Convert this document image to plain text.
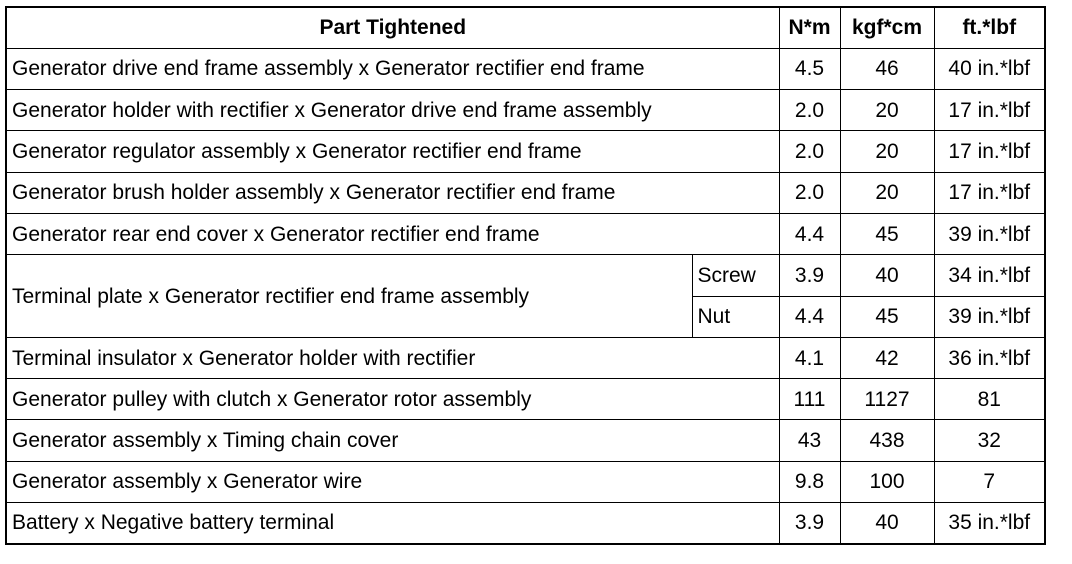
Part Tightened		N*m	kgf*cm	ft.*lbf
Generator drive end frame assembly x Generator rectifier end frame		4.5	46	40 in.*lbf
Generator holder with rectifier x Generator drive end frame assembly		2.0	20	17 in.*lbf
Generator regulator assembly x Generator rectifier end frame		2.0	20	17 in.*lbf
Generator brush holder assembly x Generator rectifier end frame		2.0	20	17 in.*lbf
Generator rear end cover x Generator rectifier end frame		4.4	45	39 in.*lbf
Terminal plate x Generator rectifier end frame assembly	Screw	3.9	40	34 in.*lbf
	Nut	4.4	45	39 in.*lbf
Terminal insulator x Generator holder with rectifier		4.1	42	36 in.*lbf
Generator pulley with clutch x Generator rotor assembly		111	1127	81
Generator assembly x Timing chain cover		43	438	32
Generator assembly x Generator wire		9.8	100	7
Battery x Negative battery terminal		3.9	40	35 in.*lbf
